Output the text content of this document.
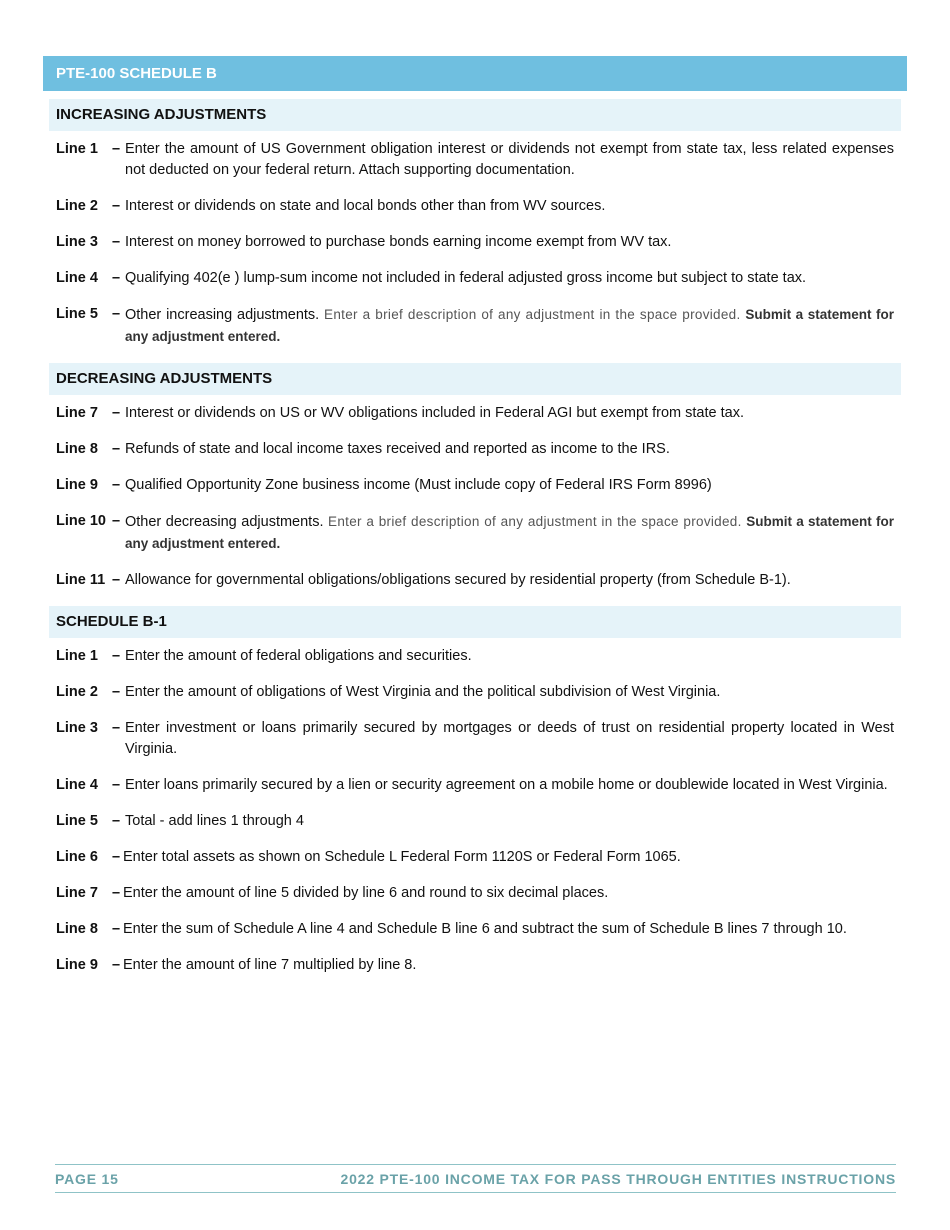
PTE-100 SCHEDULE B
INCREASING ADJUSTMENTS
Line 1 – Enter the amount of US Government obligation interest or dividends not exempt from state tax, less related expenses not deducted on your federal return. Attach supporting documentation.
Line 2 – Interest or dividends on state and local bonds other than from WV sources.
Line 3 – Interest on money borrowed to purchase bonds earning income exempt from WV tax.
Line 4 – Qualifying 402(e ) lump-sum income not included in federal adjusted gross income but subject to state tax.
Line 5 – Other increasing adjustments. Enter a brief description of any adjustment in the space provided. Submit a statement for any adjustment entered.
DECREASING ADJUSTMENTS
Line 7 – Interest or dividends on US or WV obligations included in Federal AGI but exempt from state tax.
Line 8 – Refunds of state and local income taxes received and reported as income to the IRS.
Line 9 – Qualified Opportunity Zone business income (Must include copy of Federal IRS Form 8996)
Line 10 – Other decreasing adjustments. Enter a brief description of any adjustment in the space provided. Submit a statement for any adjustment entered.
Line 11 – Allowance for governmental obligations/obligations secured by residential property (from Schedule B-1).
SCHEDULE B-1
Line 1 – Enter the amount of federal obligations and securities.
Line 2 – Enter the amount of obligations of West Virginia and the political subdivision of West Virginia.
Line 3 – Enter investment or loans primarily secured by mortgages or deeds of trust on residential property located in West Virginia.
Line 4 – Enter loans primarily secured by a lien or security agreement on a mobile home or doublewide located in West Virginia.
Line 5 – Total - add lines 1 through 4
Line 6 – Enter total assets as shown on Schedule L Federal Form 1120S or Federal Form 1065.
Line 7 – Enter the amount of line 5 divided by line 6 and round to six decimal places.
Line 8 – Enter the sum of Schedule A line 4 and Schedule B line 6 and subtract the sum of Schedule B lines 7 through 10.
Line 9 – Enter the amount of line 7 multiplied by line 8.
PAGE 15	2022 PTE-100 INCOME TAX FOR PASS THROUGH ENTITIES INSTRUCTIONS
